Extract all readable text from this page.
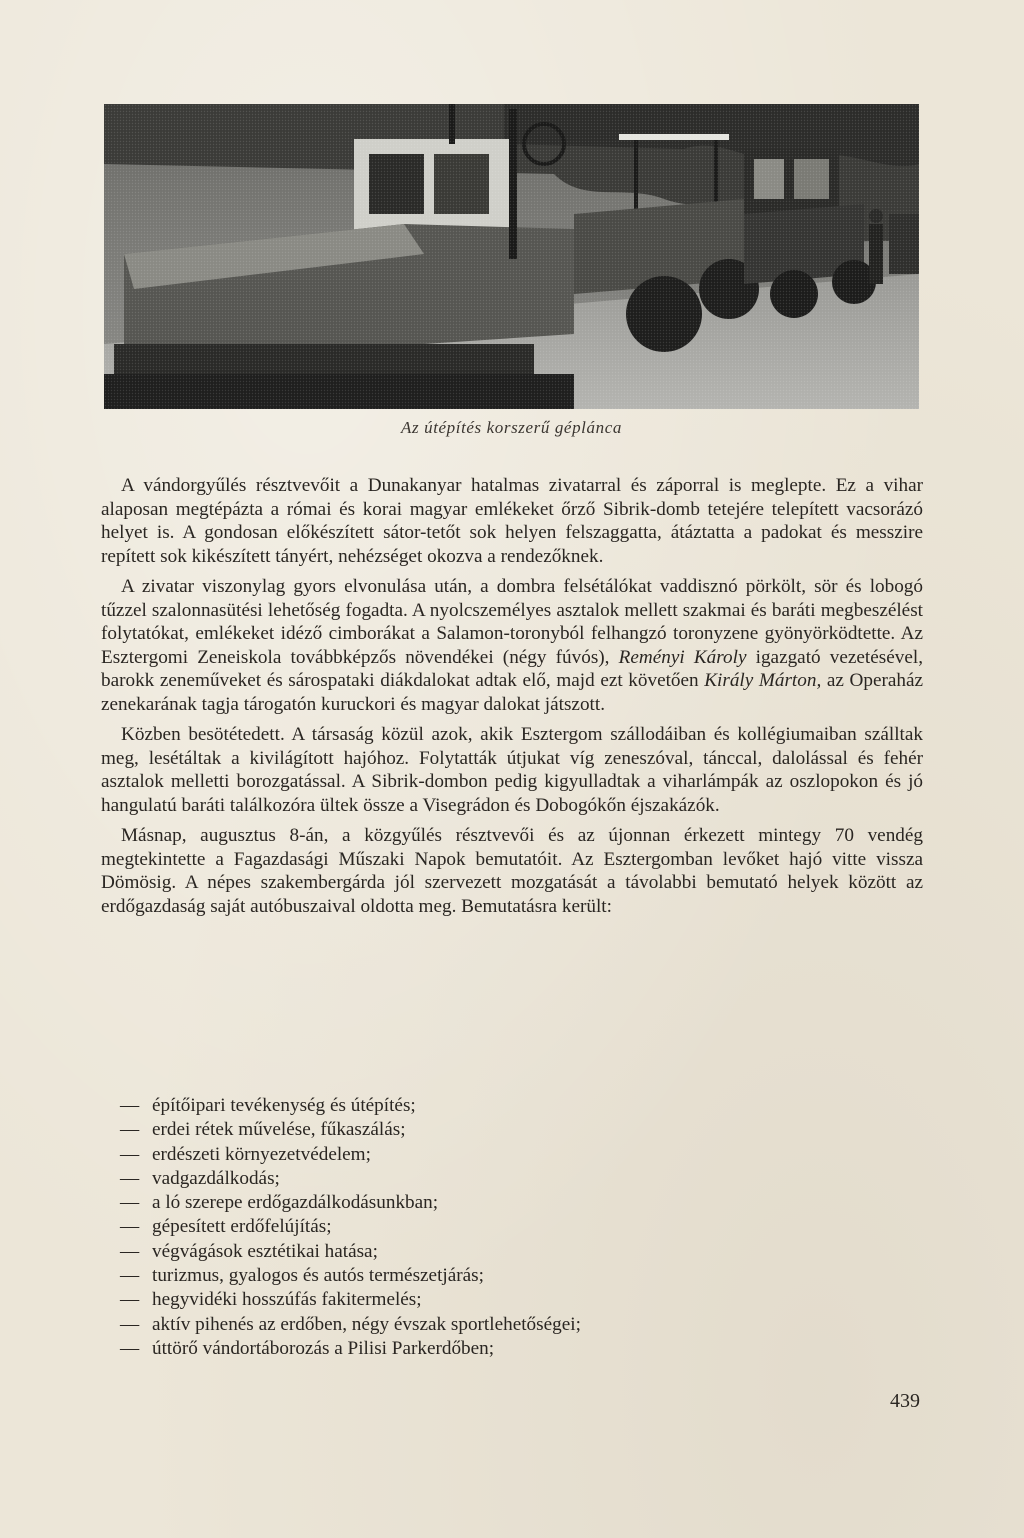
Az útépítés korszerű géplánca

A vándorgyűlés résztvevőit a Dunakanyar hatalmas zivatarral és záporral is meglepte. Ez a vihar alaposan megtépázta a római és korai magyar emlékeket őrző Sibrik-domb tetejére telepített vacsorázó helyet is. A gondosan előkészített sátor-tetőt sok helyen felszaggatta, átáztatta a padokat és messzire repített sok kikészített tányért, nehézséget okozva a rendezőknek.

A zivatar viszonylag gyors elvonulása után, a dombra felsétálókat vaddisznó pörkölt, sör és lobogó tűzzel szalonnasütési lehetőség fogadta. A nyolcszemélyes asztalok mellett szakmai és baráti megbeszélést folytatókat, emlékeket idéző cimborákat a Salamon-toronyból felhangzó toronyzene gyönyörködtette. Az Esztergomi Zeneiskola továbbképzős növendékei (négy fúvós), Reményi Károly igazgató vezetésével, barokk zeneműveket és sárospataki diákdalokat adtak elő, majd ezt követően Király Márton, az Operaház zenekarának tagja tárogatón kuruckori és magyar dalokat játszott.

Közben besötétedett. A társaság közül azok, akik Esztergom szállodáiban és kollégiumaiban szálltak meg, lesétáltak a kivilágított hajóhoz. Folytatták útjukat víg zeneszóval, tánccal, dalolással és fehér asztalok melletti borozgatással. A Sibrik-dombon pedig kigyulladtak a viharlámpák az oszlopokon és jó hangulatú baráti találkozóra ültek össze a Visegrádon és Dobogókőn éjszakázók.

Másnap, augusztus 8-án, a közgyűlés résztvevői és az újonnan érkezett mintegy 70 vendég megtekintette a Fagazdasági Műszaki Napok bemutatóit. Az Esztergomban levőket hajó vitte vissza Dömösig. A népes szakembergárda jól szervezett mozgatását a távolabbi bemutató helyek között az erdőgazdaság saját autóbuszaival oldotta meg. Bemutatásra került:

— építőipari tevékenység és útépítés;
— erdei rétek művelése, fűkaszálás;
— erdészeti környezetvédelem;
— vadgazdálkodás;
— a ló szerepe erdőgazdálkodásunkban;
— gépesített erdőfelújítás;
— végvágások esztétikai hatása;
— turizmus, gyalogos és autós természetjárás;
— hegyvidéki hosszúfás fakitermelés;
— aktív pihenés az erdőben, négy évszak sportlehetőségei;
— úttörő vándortáborozás a Pilisi Parkerdőben;
439
